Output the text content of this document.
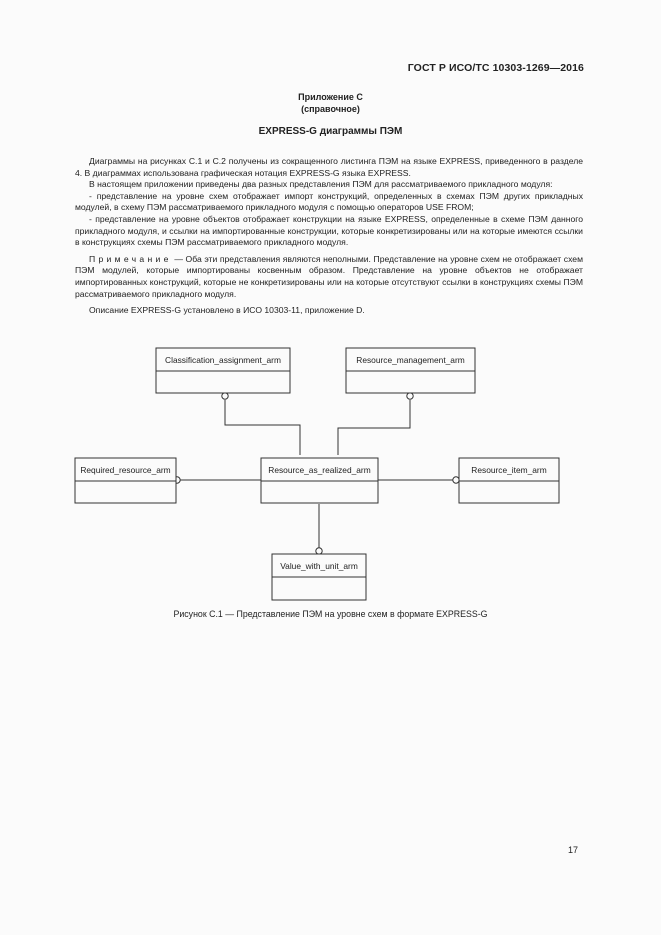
ГОСТ Р ИСО/ТС 10303-1269—2016
Приложение С
(справочное)
EXPRESS-G диаграммы ПЭМ

Диаграммы на рисунках С.1 и С.2 получены из сокращенного листинга ПЭМ на языке EXPRESS, приведенного в разделе 4. В диаграммах использована графическая нотация EXPRESS-G языка EXPRESS.

В настоящем приложении приведены два разных представления ПЭМ для рассматриваемого прикладного модуля:

- представление на уровне схем отображает импорт конструкций, определенных в схемах ПЭМ других прикладных модулей, в схему ПЭМ рассматриваемого прикладного модуля с помощью операторов USE FROM;

- представление на уровне объектов отображает конструкции на языке EXPRESS, определенные в схеме ПЭМ данного прикладного модуля, и ссылки на импортированные конструкции, которые конкретизированы или на которые имеются ссылки в конструкциях схемы ПЭМ рассматриваемого прикладного модуля.

Примечание — Оба эти представления являются неполными. Представление на уровне схем не отображает схем ПЭМ модулей, которые импортированы косвенным образом. Представление на уровне объектов не отображает импортированных конструкций, которые не конкретизированы или на которые отсутствуют ссылки в конструкциях схемы ПЭМ рассматриваемого прикладного модуля.

Описание EXPRESS-G установлено в ИСО 10303-11, приложение D.

Classification_assignment_arm	Resource_management_arm
Required_resource_arm	Resource_as_realized_arm	Resource_item_arm
Value_with_unit_arm
Рисунок С.1 — Представление ПЭМ на уровне схем в формате EXPRESS-G
17
